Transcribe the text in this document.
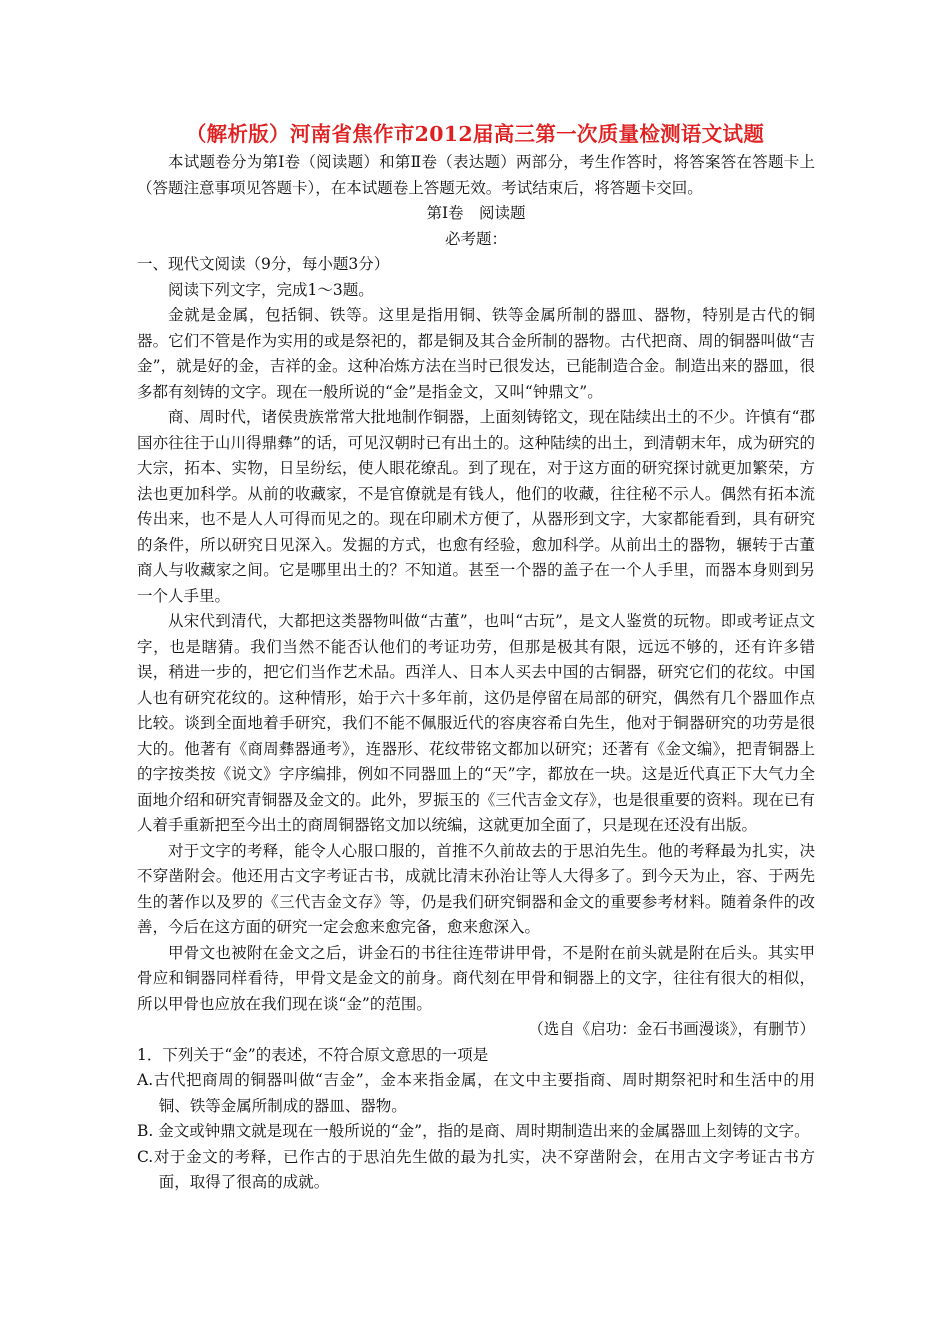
（解析版）河南省焦作市2012届高三第一次质量检测语文试题

本试题卷分为第Ⅰ卷（阅读题）和第Ⅱ卷（表达题）两部分，考生作答时，将答案答在答题卡上（答题注意事项见答题卡），在本试题卷上答题无效。考试结束后，将答题卡交回。

第Ⅰ卷　阅读题

必考题：

一、现代文阅读（9分，每小题3分）

阅读下列文字，完成1～3题。

金就是金属，包括铜、铁等。这里是指用铜、铁等金属所制的器皿、器物，特别是古代的铜器。它们不管是作为实用的或是祭祀的，都是铜及其合金所制的器物。古代把商、周的铜器叫做“吉金”，就是好的金，吉祥的金。这种冶炼方法在当时已很发达，已能制造合金。制造出来的器皿，很多都有刻铸的文字。现在一般所说的“金”是指金文，又叫“钟鼎文”。

商、周时代，诸侯贵族常常大批地制作铜器，上面刻铸铭文，现在陆续出土的不少。许慎有“郡国亦往往于山川得鼎彝”的话，可见汉朝时已有出土的。这种陆续的出土，到清朝末年，成为研究的大宗，拓本、实物，日呈纷纭，使人眼花缭乱。到了现在，对于这方面的研究探讨就更加繁荣，方法也更加科学。从前的收藏家，不是官僚就是有钱人，他们的收藏，往往秘不示人。偶然有拓本流传出来，也不是人人可得而见之的。现在印刷术方便了，从器形到文字，大家都能看到，具有研究的条件，所以研究日见深入。发掘的方式，也愈有经验，愈加科学。从前出土的器物，辗转于古董商人与收藏家之间。它是哪里出土的？不知道。甚至一个器的盖子在一个人手里，而器本身则到另一个人手里。

从宋代到清代，大都把这类器物叫做“古董”，也叫“古玩”，是文人鉴赏的玩物。即或考证点文字，也是瞎猜。我们当然不能否认他们的考证功劳，但那是极其有限，远远不够的，还有许多错误，稍进一步的，把它们当作艺术品。西洋人、日本人买去中国的古铜器，研究它们的花纹。中国人也有研究花纹的。这种情形，始于六十多年前，这仍是停留在局部的研究，偶然有几个器皿作点比较。谈到全面地着手研究，我们不能不佩服近代的容庚容希白先生，他对于铜器研究的功劳是很大的。他著有《商周彝器通考》，连器形、花纹带铭文都加以研究；还著有《金文编》，把青铜器上的字按类按《说文》字序编排，例如不同器皿上的“天”字，都放在一块。这是近代真正下大气力全面地介绍和研究青铜器及金文的。此外，罗振玉的《三代吉金文存》，也是很重要的资料。现在已有人着手重新把至今出土的商周铜器铭文加以统编，这就更加全面了，只是现在还没有出版。

对于文字的考释，能令人心服口服的，首推不久前故去的于思泊先生。他的考释最为扎实，决不穿凿附会。他还用古文字考证古书，成就比清末孙治让等人大得多了。到今天为止，容、于两先生的著作以及罗的《三代吉金文存》等，仍是我们研究铜器和金文的重要参考材料。随着条件的改善，今后在这方面的研究一定会愈来愈完备，愈来愈深入。

甲骨文也被附在金文之后，讲金石的书往往连带讲甲骨，不是附在前头就是附在后头。其实甲骨应和铜器同样看待，甲骨文是金文的前身。商代刻在甲骨和铜器上的文字，往往有很大的相似，所以甲骨也应放在我们现在谈“金”的范围。

（选自《启功：金石书画漫谈》，有删节）

1．下列关于“金”的表述，不符合原文意思的一项是

A.古代把商周的铜器叫做“吉金”，金本来指金属，在文中主要指商、周时期祭祀时和生活中的用铜、铁等金属所制成的器皿、器物。

B. 金文或钟鼎文就是现在一般所说的“金”，指的是商、周时期制造出来的金属器皿上刻铸的文字。

C.对于金文的考释，已作古的于思泊先生做的最为扎实，决不穿凿附会，在用古文字考证古书方面，取得了很高的成就。
